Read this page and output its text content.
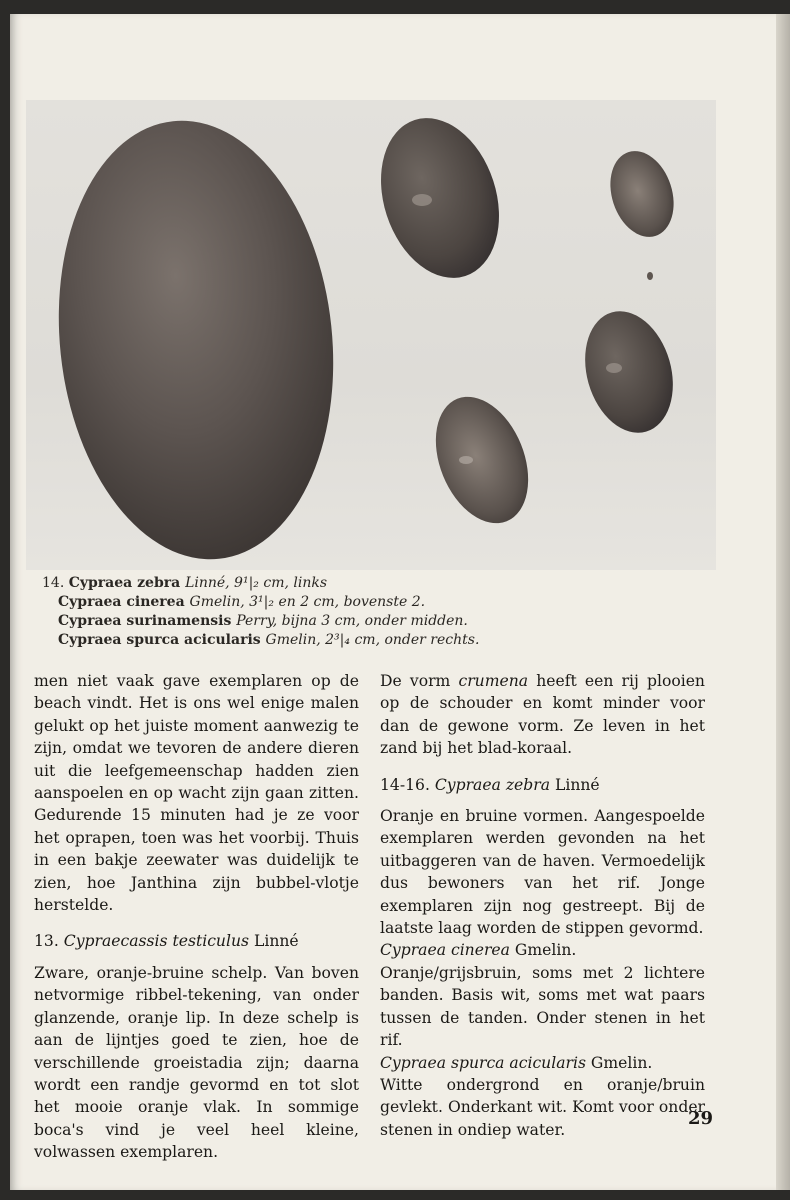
14. Cypraea zebra Linné, 9¹|₂ cm, links
Cypraea cinerea Gmelin, 3¹|₂ en 2 cm, bovenste 2.
Cypraea surinamensis Perry, bijna 3 cm, onder midden.
Cypraea spurca acicularis Gmelin, 2³|₄ cm, onder rechts.

men niet vaak gave exemplaren op de beach vindt. Het is ons wel enige malen gelukt op het juiste moment aanwezig te zijn, omdat we tevoren de andere dieren uit die leefgemeenschap hadden zien aanspoelen en op wacht zijn gaan zitten. Gedurende 15 minuten had je ze voor het oprapen, toen was het voorbij. Thuis in een bakje zeewater was duidelijk te zien, hoe Janthina zijn bubbel-vlotje herstelde.

13. Cypraecassis testiculus Linné

Zware, oranje-bruine schelp. Van boven netvormige ribbel-tekening, van onder glanzende, oranje lip. In deze schelp is aan de lijntjes goed te zien, hoe de verschillende groeistadia zijn; daarna wordt een randje gevormd en tot slot het mooie oranje vlak. In sommige boca's vind je veel heel kleine, volwassen exemplaren.

De vorm crumena heeft een rij plooien op de schouder en komt minder voor dan de gewone vorm. Ze leven in het zand bij het blad-koraal.

14-16. Cypraea zebra Linné

Oranje en bruine vormen. Aangespoelde exemplaren werden gevonden na het uitbaggeren van de haven. Vermoedelijk dus bewoners van het rif. Jonge exemplaren zijn nog gestreept. Bij de laatste laag worden de stippen gevormd.

Cypraea cinerea Gmelin.

Oranje/grijsbruin, soms met 2 lichtere banden. Basis wit, soms met wat paars tussen de tanden. Onder stenen in het rif.

Cypraea spurca acicularis Gmelin.

Witte ondergrond en oranje/bruin gevlekt. Onderkant wit. Komt voor onder stenen in ondiep water.

29
